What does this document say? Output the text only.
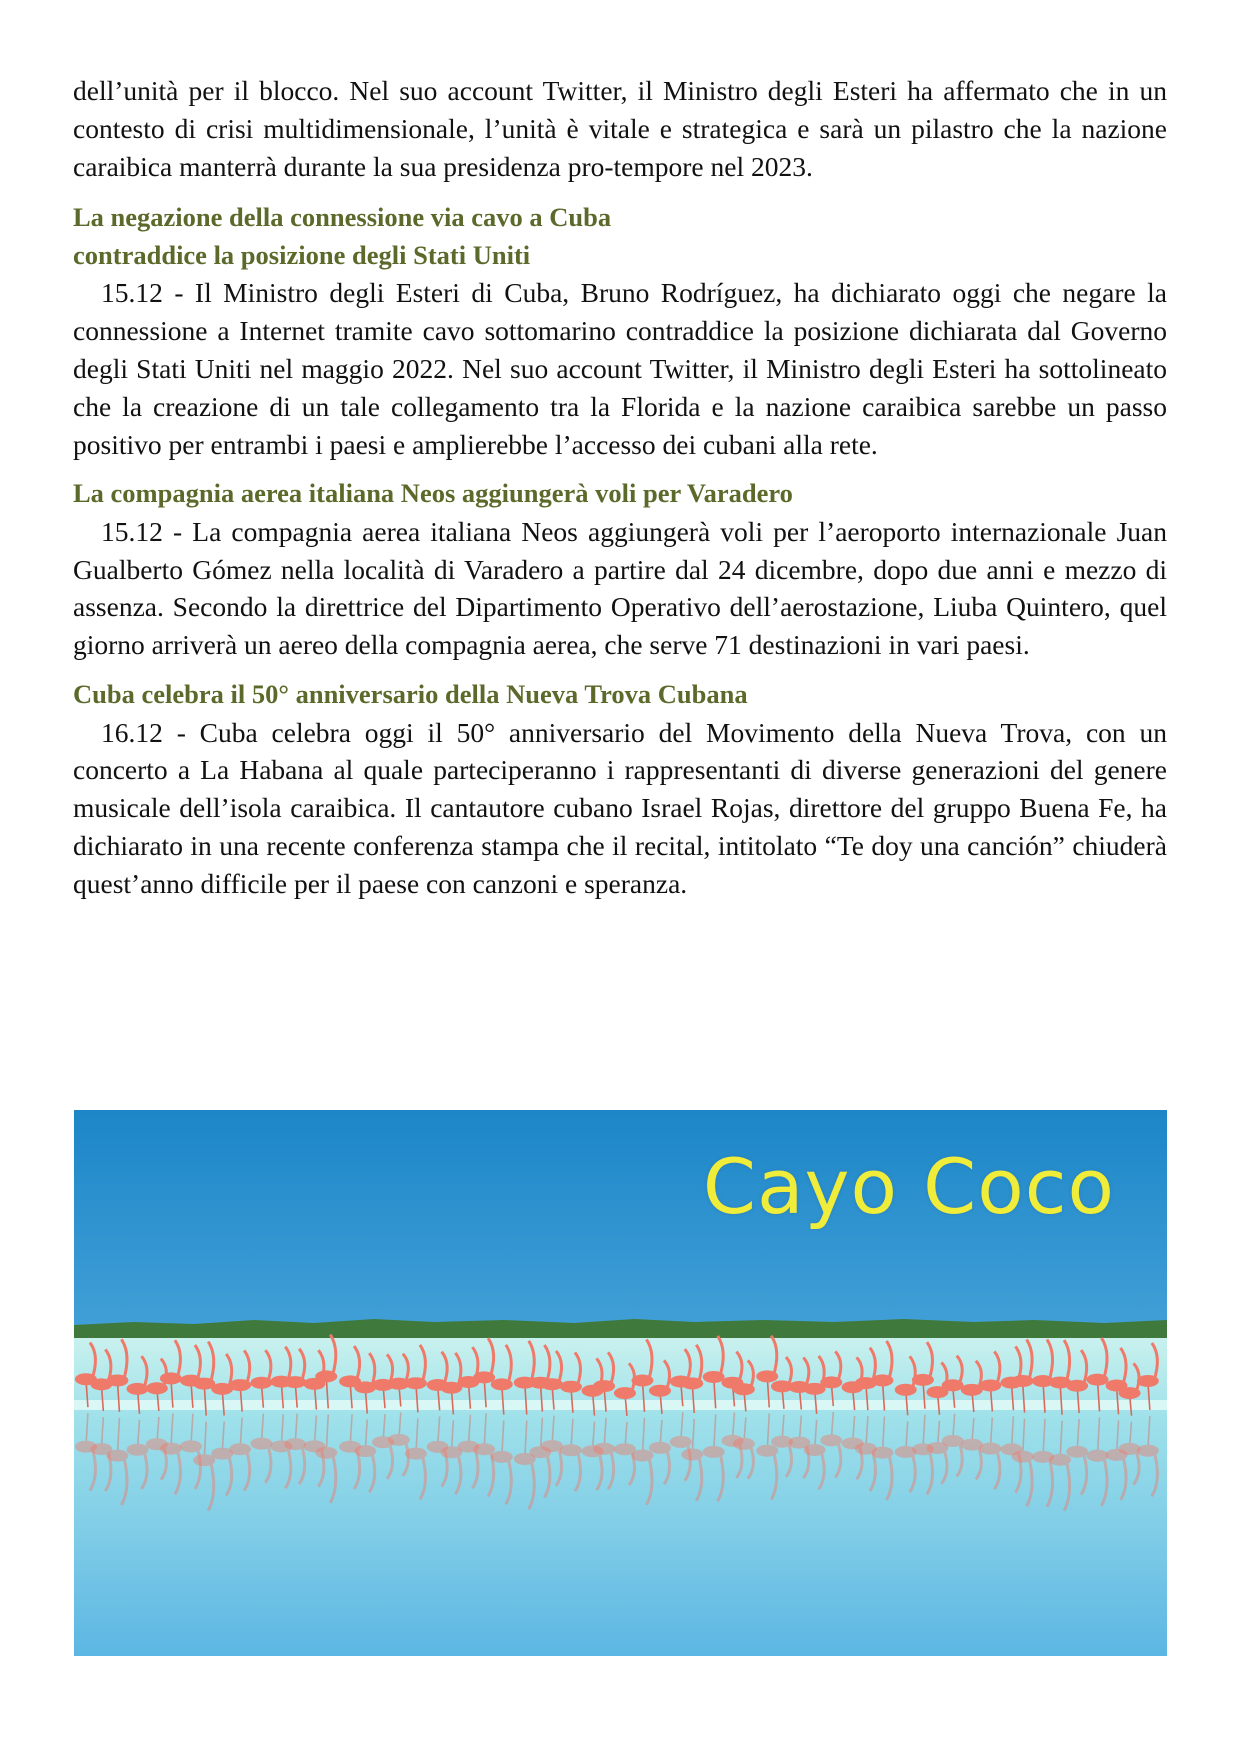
dell’unità per il blocco. Nel suo account Twitter, il Ministro degli Esteri ha affermato che in un contesto di crisi multidimensionale, l’unità è vitale e strategica e sarà un pilastro che la nazione caraibica manterrà durante la sua presidenza pro-tempore nel 2023.

La negazione della connessione via cavo a Cuba
contraddice la posizione degli Stati Uniti

15.12 - Il Ministro degli Esteri di Cuba, Bruno Rodríguez, ha dichiarato oggi che negare la connessione a Internet tramite cavo sottomarino contraddice la posizione dichiarata dal Governo degli Stati Uniti nel maggio 2022. Nel suo account Twitter, il Ministro degli Esteri ha sottolineato che la creazione di un tale collegamento tra la Florida e la nazione caraibica sarebbe un passo positivo per entrambi i paesi e amplierebbe l’accesso dei cubani alla rete.

La compagnia aerea italiana Neos aggiungerà voli per Varadero

15.12 - La compagnia aerea italiana Neos aggiungerà voli per l’aeroporto internazionale Juan Gualberto Gómez nella località di Varadero a partire dal 24 dicembre, dopo due anni e mezzo di assenza. Secondo la direttrice del Dipartimento Operativo dell’aerostazione, Liuba Quintero, quel giorno arriverà un aereo della compagnia aerea, che serve 71 destinazioni in vari paesi.

Cuba celebra il 50° anniversario della Nueva Trova Cubana

16.12 - Cuba celebra oggi il 50° anniversario del Movimento della Nueva Trova, con un concerto a La Habana al quale parteciperanno i rappresentanti di diverse generazioni del genere musicale dell’isola caraibica. Il cantautore cubano Israel Rojas, direttore del gruppo Buena Fe, ha dichiarato in una recente conferenza stampa che il recital, intitolato “Te doy una canción” chiuderà quest’anno difficile per il paese con canzoni e speranza.

Cayo Coco
